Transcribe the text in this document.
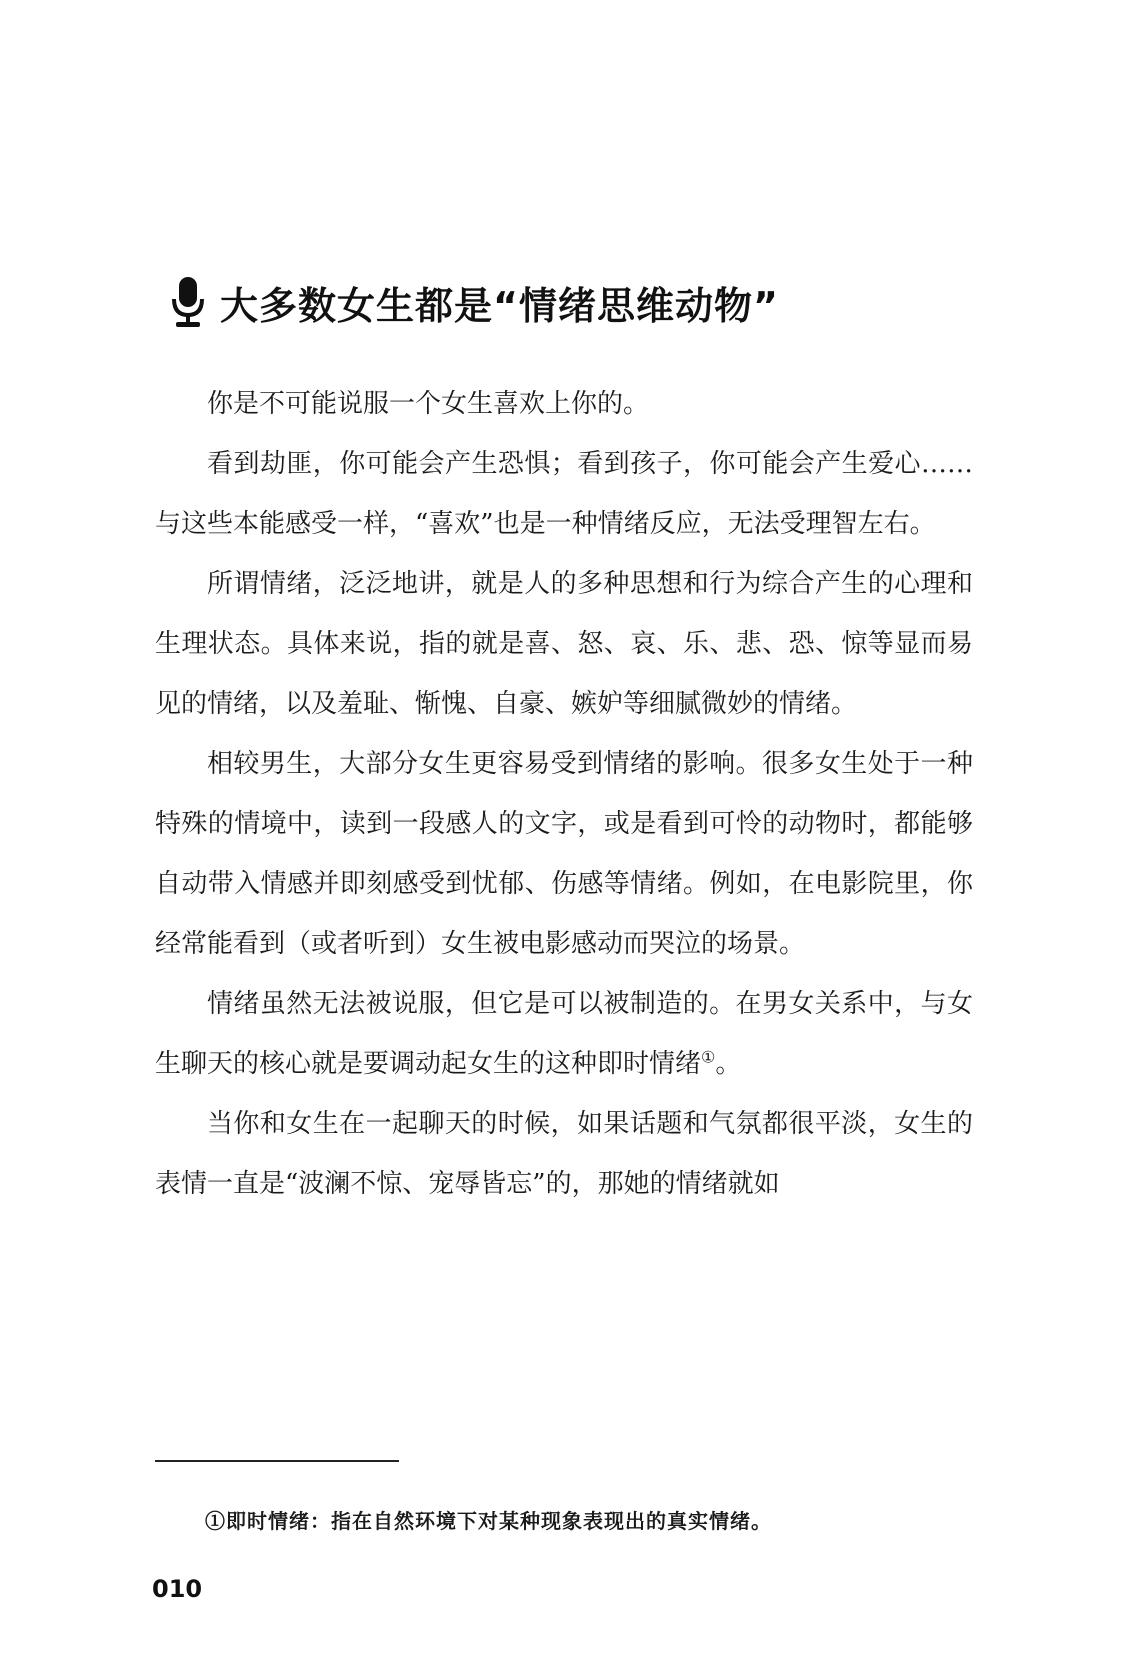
大多数女生都是“情绪思维动物”

你是不可能说服一个女生喜欢上你的。

看到劫匪，你可能会产生恐惧；看到孩子，你可能会产生爱心……与这些本能感受一样，“喜欢”也是一种情绪反应，无法受理智左右。

所谓情绪，泛泛地讲，就是人的多种思想和行为综合产生的心理和生理状态。具体来说，指的就是喜、怒、哀、乐、悲、恐、惊等显而易见的情绪，以及羞耻、惭愧、自豪、嫉妒等细腻微妙的情绪。

相较男生，大部分女生更容易受到情绪的影响。很多女生处于一种特殊的情境中，读到一段感人的文字，或是看到可怜的动物时，都能够自动带入情感并即刻感受到忧郁、伤感等情绪。例如，在电影院里，你经常能看到（或者听到）女生被电影感动而哭泣的场景。

情绪虽然无法被说服，但它是可以被制造的。在男女关系中，与女生聊天的核心就是要调动起女生的这种即时情绪①。

当你和女生在一起聊天的时候，如果话题和气氛都很平淡，女生的表情一直是“波澜不惊、宠辱皆忘”的，那她的情绪就如

①即时情绪：指在自然环境下对某种现象表现出的真实情绪。
010
